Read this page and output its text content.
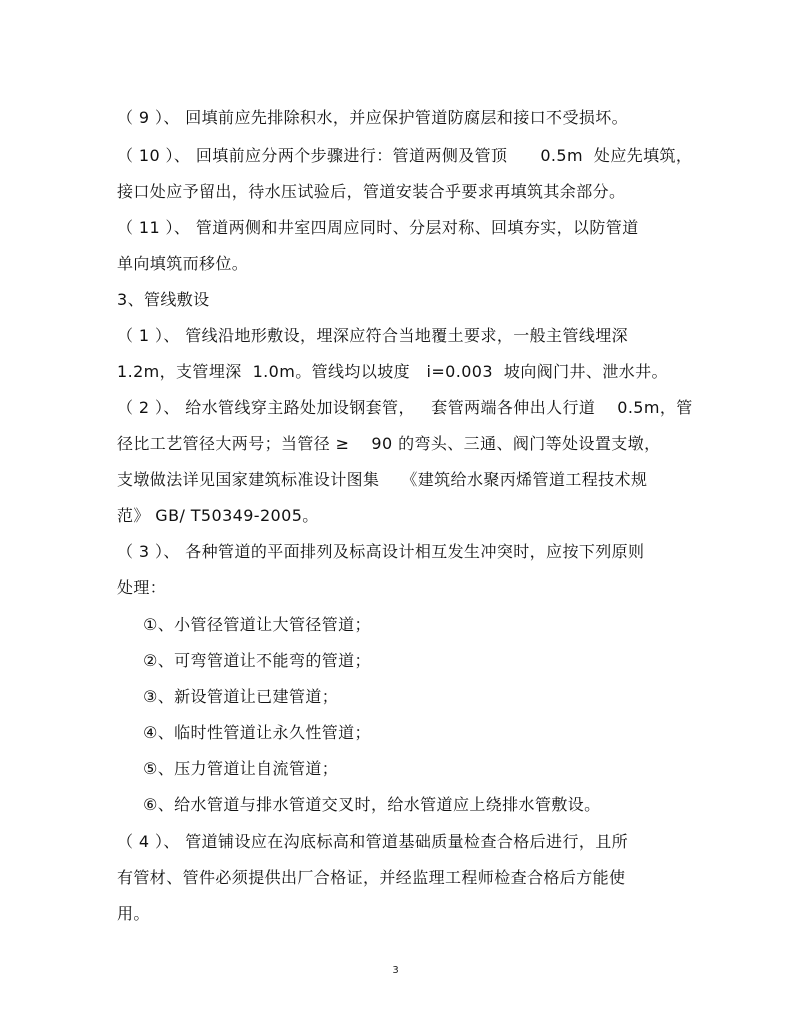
（ 9 ）、 回填前应先排除积水，并应保护管道防腐层和接口不受损坏。
（ 10 ）、 回填前应分两个步骤进行：管道两侧及管顶      0.5m  处应先填筑，
接口处应予留出，待水压试验后，管道安装合乎要求再填筑其余部分。
（ 11 ）、 管道两侧和井室四周应同时、分层对称、回填夯实，以防管道
单向填筑而移位。
3、管线敷设
（ 1 ）、 管线沿地形敷设，埋深应符合当地覆土要求，一般主管线埋深
1.2m，支管埋深  1.0m。管线均以坡度   i=0.003  坡向阀门井、泄水井。
（ 2 ）、 给水管线穿主路处加设钢套管，   套管两端各伸出人行道    0.5m，管
径比工艺管径大两号；当管径 ≥    90 的弯头、三通、阀门等处设置支墩，
支墩做法详见国家建筑标准设计图集    《建筑给水聚丙烯管道工程技术规
范》 GB/ T50349-2005。
（ 3 ）、 各种管道的平面排列及标高设计相互发生冲突时，应按下列原则
处理：
①、小管径管道让大管径管道；
②、可弯管道让不能弯的管道；
③、新设管道让已建管道；
④、临时性管道让永久性管道；
⑤、压力管道让自流管道；
⑥、给水管道与排水管道交叉时，给水管道应上绕排水管敷设。
（ 4 ）、 管道铺设应在沟底标高和管道基础质量检查合格后进行，且所
有管材、管件必须提供出厂合格证，并经监理工程师检查合格后方能使
用。
3
